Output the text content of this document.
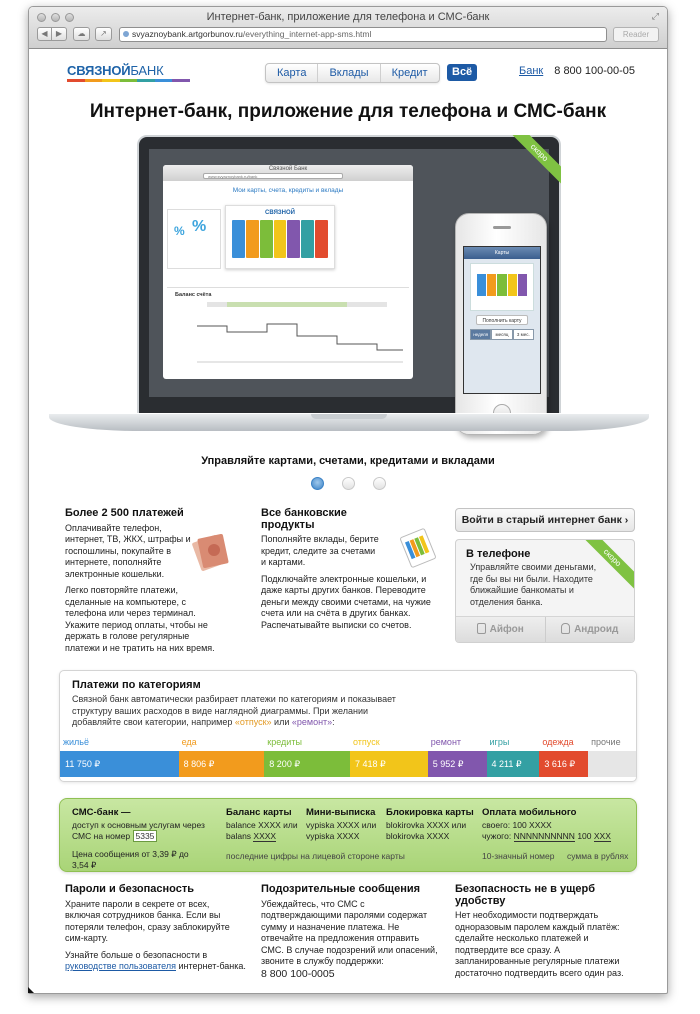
Интернет-банк, приложение для телефона и СМС-банк	⤢
◀	▶	☁	↗	svyaznoybank.artgorbunov.ru/everything_internet-app-sms.html	Reader
СВЯЗНОЙБАНК	Карта	Вклады	Кредит	Всё	Банк 8 800 100-00-05
Интернет-банк, приложение для телефона и СМС-банк
Связной Банк
www.svyaznoybank.ru/bank
Мои карты, счета, кредиты и вклады
% %
СВЯЗНОЙ
Баланс счёта
скоро
Карты
Пополнить карту
неделя	месяц	3 мес.
Управляйте картами, счетами, кредитами и вкладами
Более 2 500 платежей

Оплачивайте телефон, интернет, ТВ, ЖКХ, штрафы и госпошлины, покупайте в интернете, пополняйте электронные кошельки.

Легко повторяйте платежи, сделанные на компьютере, с телефона или через терминал. Укажите период оплаты, чтобы не держать в голове регулярные платежи и не тратить на них время.

Все банковские продукты

Пополняйте вклады, берите кредит, следите за счетами и картами.

Подключайте электронные кошельки, и даже карты других банков. Переводите деньги между своими счетами, на чужие счета или на счёта в других банках. Распечатывайте выписки со счетов.

Войти в старый интернет банк ›
В телефоне

Управляйте своими деньгами, где бы вы ни были. Находите ближайшие банкоматы и отделения банка.

скоро
Айфон	Андроид
Платежи по категориям
Связной банк автоматически разбирает платежи по категориям и показывает структуру ваших расходов в виде наглядной диаграммы. При желании добавляйте свои категории, например «отпуск» или «ремонт»:
жильё
11 750 ₽
еда
8 806 ₽
кредиты
8 200 ₽
отпуск
7 418 ₽
ремонт
5 952 ₽
игры
4 211 ₽
одежда
3 616 ₽
прочие
СМС-банк —
доступ к основным услугам через СМС на номер 5335
Цена сообщения от 3,39 ₽ до 3,54 ₽
Баланс карты
balance XXXX или
balans XXXX
Мини-выписка
vypiska XXXX или
vypiska XXXX
Блокировка карты
blokirovka XXXX или
blokirovka XXXX
Оплата мобильного
своего: 100 XXXX
чужого: NNNNNNNNNN 100 XXX
последние цифры на лицевой стороне карты	10-значный номер сумма в рублях
Пароли и безопасность

Храните пароли в секрете от всех, включая сотрудников банка. Если вы потеряли телефон, сразу заблокируйте сим-карту.

Узнайте больше о безопасности в руководстве пользователя интернет-банка.

Подозрительные сообщения

Убеждайтесь, что СМС с подтверждающими паролями содержат сумму и назначение платежа. Не отвечайте на предложения отправить СМС. В случае подозрений или опасений, звоните в службу поддержки:

8 800 100-0005

Безопасность не в ущерб удобству

Нет необходимости подтверждать одноразовым паролем каждый платёж: сделайте несколько платежей и подтвердите все сразу. А запланированные регулярные платежи достаточно подтвердить всего один раз.
